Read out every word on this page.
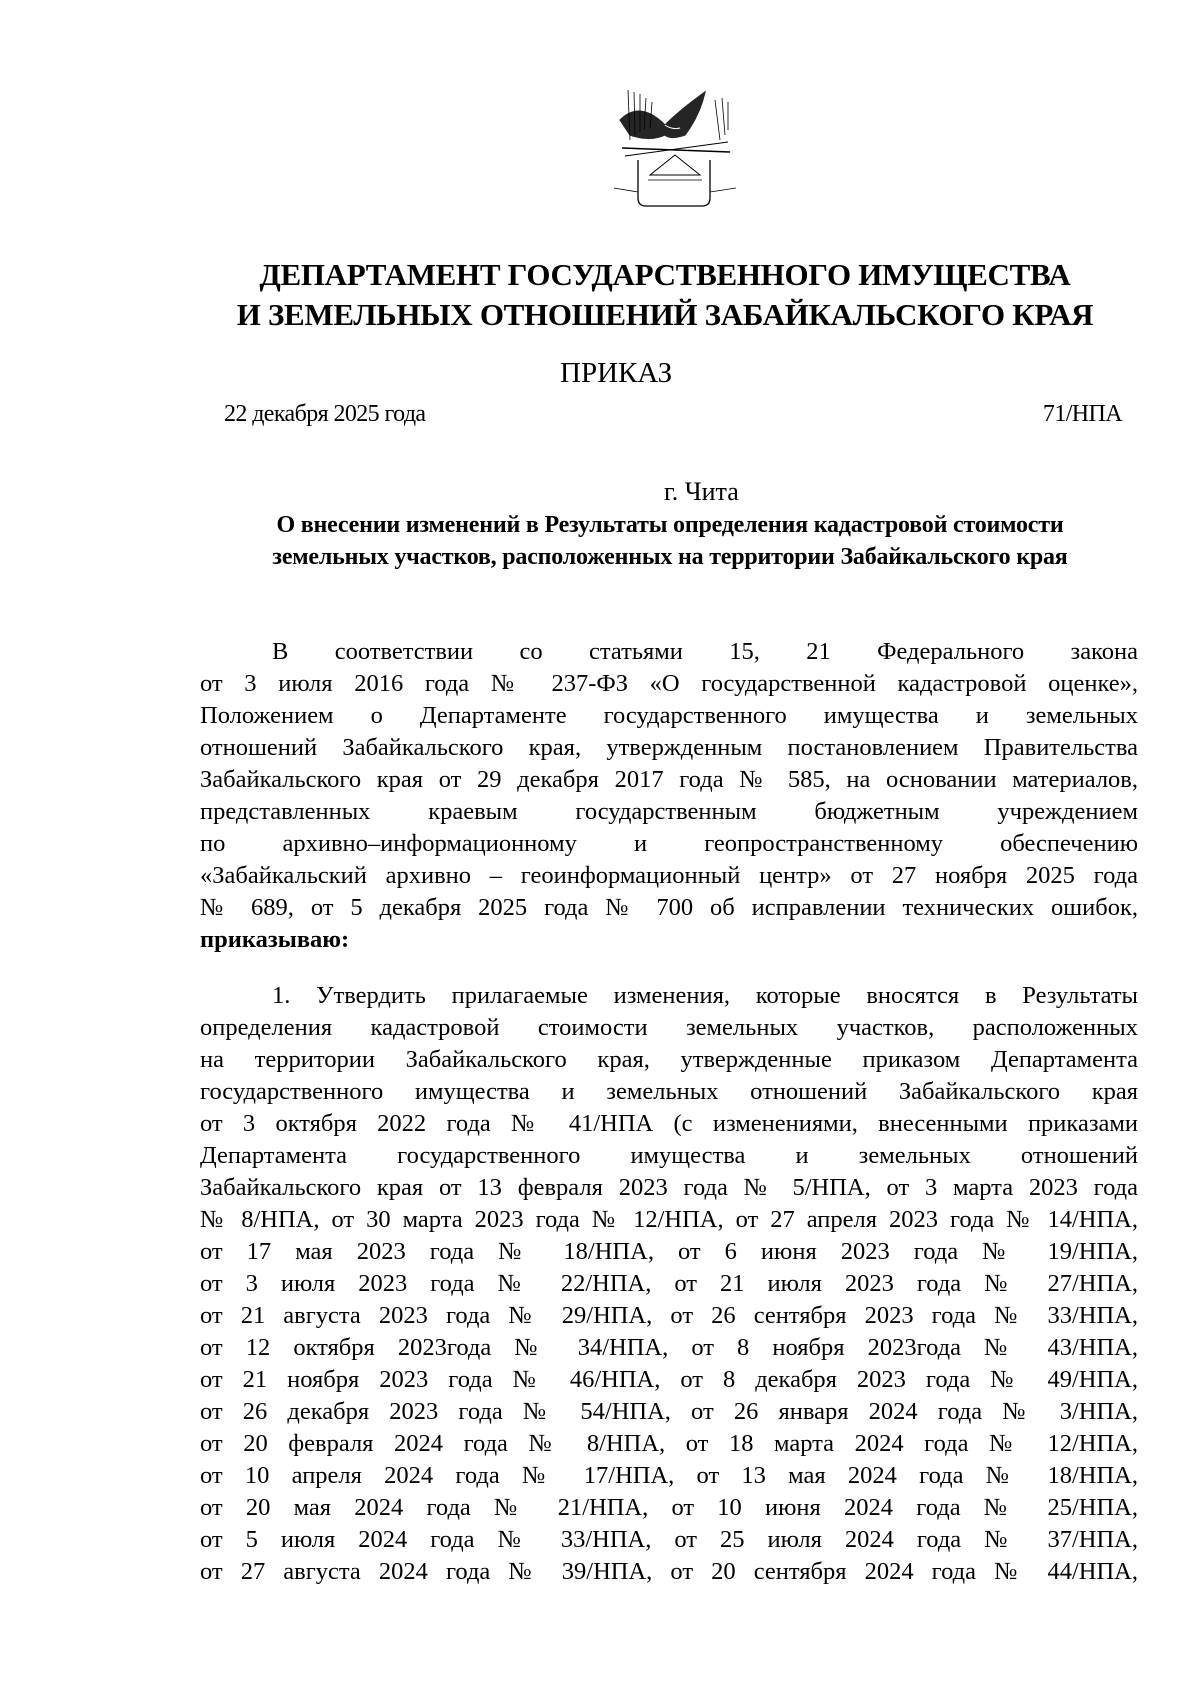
ДЕПАРТАМЕНТ ГОСУДАРСТВЕННОГО ИМУЩЕСТВА
И ЗЕМЕЛЬНЫХ ОТНОШЕНИЙ ЗАБАЙКАЛЬСКОГО КРАЯ
ПРИКАЗ
22 декабря 2025 года	71/НПА
г. Чита
О внесении изменений в Результаты определения кадастровой стоимости
земельных участков, расположенных на территории Забайкальского края
В соответствии со статьями 15, 21 Федерального закона
от 3 июля 2016 года № 237-ФЗ «О государственной кадастровой оценке»,
Положением о Департаменте государственного имущества и земельных
отношений Забайкальского края, утвержденным постановлением Правительства
Забайкальского края от 29 декабря 2017 года № 585, на основании материалов,
представленных краевым государственным бюджетным учреждением
по архивно–информационному и геопространственному обеспечению
«Забайкальский архивно – геоинформационный центр» от 27 ноября 2025 года
№ 689, от 5 декабря 2025 года № 700 об исправлении технических ошибок,
приказываю:
1. Утвердить прилагаемые изменения, которые вносятся в Результаты
определения кадастровой стоимости земельных участков, расположенных
на территории Забайкальского края, утвержденные приказом Департамента
государственного имущества и земельных отношений Забайкальского края
от 3 октября 2022 года № 41/НПА (с изменениями, внесенными приказами
Департамента государственного имущества и земельных отношений
Забайкальского края от 13 февраля 2023 года № 5/НПА, от 3 марта 2023 года
№ 8/НПА, от 30 марта 2023 года № 12/НПА, от 27 апреля 2023 года № 14/НПА,
от 17 мая 2023 года № 18/НПА, от 6 июня 2023 года № 19/НПА,
от 3 июля 2023 года № 22/НПА, от 21 июля 2023 года № 27/НПА,
от 21 августа 2023 года № 29/НПА, от 26 сентября 2023 года № 33/НПА,
от 12 октября 2023года № 34/НПА, от 8 ноября 2023года № 43/НПА,
от 21 ноября 2023 года № 46/НПА, от 8 декабря 2023 года № 49/НПА,
от 26 декабря 2023 года № 54/НПА, от 26 января 2024 года № 3/НПА,
от 20 февраля 2024 года № 8/НПА, от 18 марта 2024 года № 12/НПА,
от 10 апреля 2024 года № 17/НПА, от 13 мая 2024 года № 18/НПА,
от 20 мая 2024 года № 21/НПА, от 10 июня 2024 года № 25/НПА,
от 5 июля 2024 года № 33/НПА, от 25 июля 2024 года № 37/НПА,
от 27 августа 2024 года № 39/НПА, от 20 сентября 2024 года № 44/НПА,
